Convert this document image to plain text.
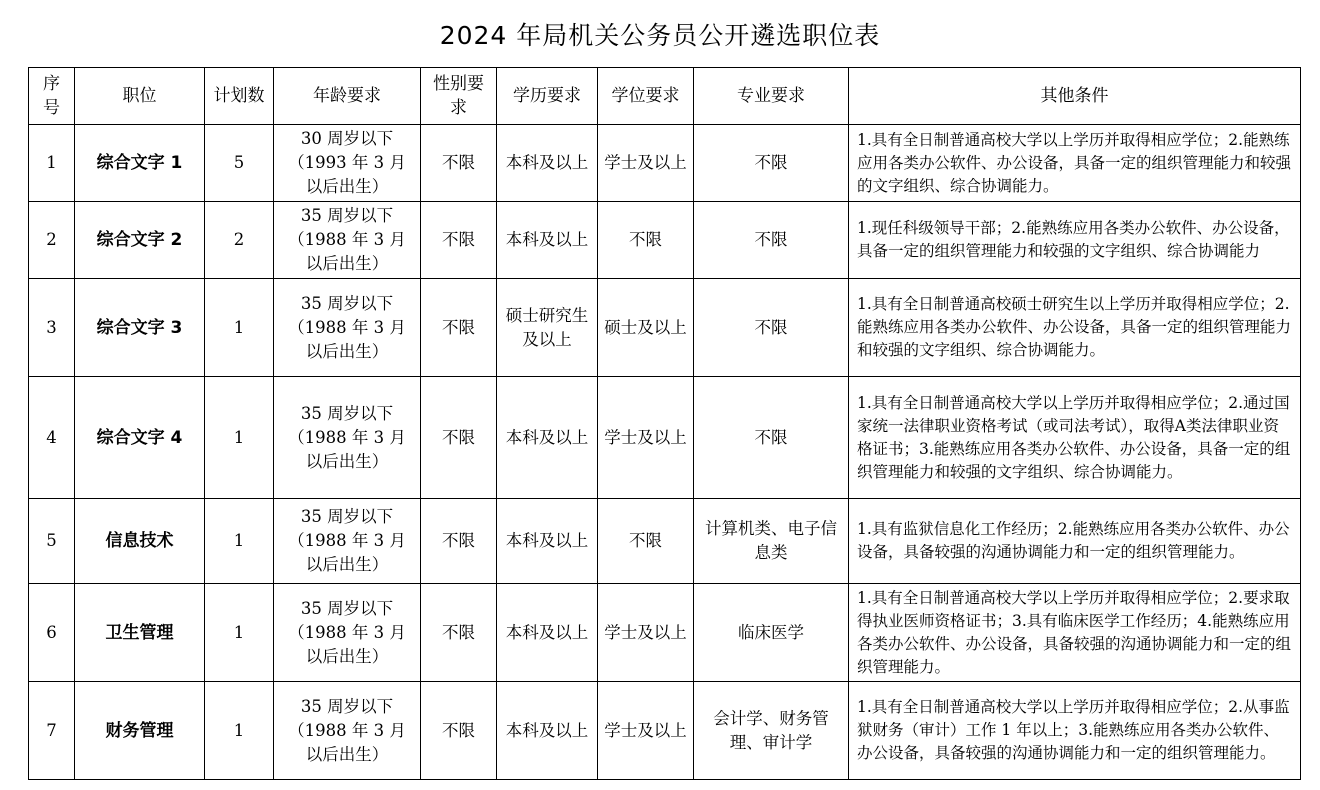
2024 年局机关公务员公开遴选职位表
序号	职位	计划数	年龄要求	性别要求	学历要求	学位要求	专业要求	其他条件
1	综合文字 1	5	30 周岁以下（1993 年 3 月以后出生）	不限	本科及以上	学士及以上	不限	1.具有全日制普通高校大学以上学历并取得相应学位；2.能熟练应用各类办公软件、办公设备，具备一定的组织管理能力和较强的文字组织、综合协调能力。
2	综合文字 2	2	35 周岁以下（1988 年 3 月以后出生）	不限	本科及以上	不限	不限	1.现任科级领导干部；2.能熟练应用各类办公软件、办公设备，具备一定的组织管理能力和较强的文字组织、综合协调能力
3	综合文字 3	1	35 周岁以下（1988 年 3 月以后出生）	不限	硕士研究生及以上	硕士及以上	不限	1.具有全日制普通高校硕士研究生以上学历并取得相应学位；2.能熟练应用各类办公软件、办公设备，具备一定的组织管理能力和较强的文字组织、综合协调能力。
4	综合文字 4	1	35 周岁以下（1988 年 3 月以后出生）	不限	本科及以上	学士及以上	不限	1.具有全日制普通高校大学以上学历并取得相应学位；2.通过国家统一法律职业资格考试（或司法考试），取得A类法律职业资格证书；3.能熟练应用各类办公软件、办公设备，具备一定的组织管理能力和较强的文字组织、综合协调能力。
5	信息技术	1	35 周岁以下（1988 年 3 月以后出生）	不限	本科及以上	不限	计算机类、电子信息类	1.具有监狱信息化工作经历；2.能熟练应用各类办公软件、办公设备，具备较强的沟通协调能力和一定的组织管理能力。
6	卫生管理	1	35 周岁以下（1988 年 3 月以后出生）	不限	本科及以上	学士及以上	临床医学	1.具有全日制普通高校大学以上学历并取得相应学位；2.要求取得执业医师资格证书；3.具有临床医学工作经历；4.能熟练应用各类办公软件、办公设备，具备较强的沟通协调能力和一定的组织管理能力。
7	财务管理	1	35 周岁以下（1988 年 3 月以后出生）	不限	本科及以上	学士及以上	会计学、财务管理、审计学	1.具有全日制普通高校大学以上学历并取得相应学位；2.从事监狱财务（审计）工作 1 年以上；3.能熟练应用各类办公软件、办公设备，具备较强的沟通协调能力和一定的组织管理能力。
